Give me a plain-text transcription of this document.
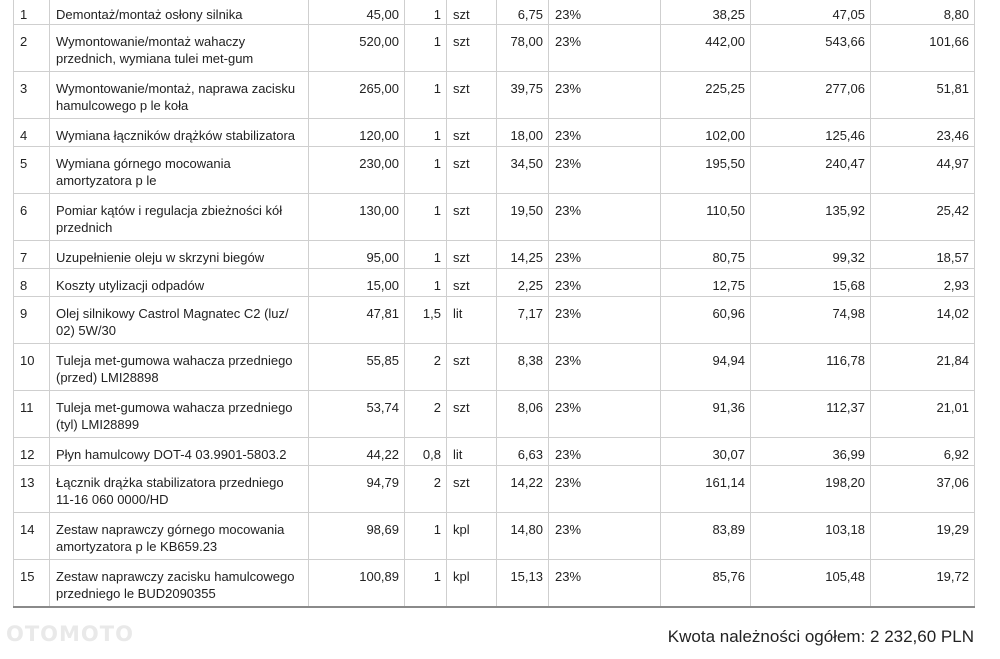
1	Demontaż/montaż osłony silnika	45,00	1	szt	6,75	23%	38,25	47,05	8,80
2	Wymontowanie/montaż wahaczy przednich, wymiana tulei met-gum	520,00	1	szt	78,00	23%	442,00	543,66	101,66
3	Wymontowanie/montaż, naprawa zacisku hamulcowego p le koła	265,00	1	szt	39,75	23%	225,25	277,06	51,81
4	Wymiana łączników drążków stabilizatora	120,00	1	szt	18,00	23%	102,00	125,46	23,46
5	Wymiana górnego mocowania amortyzatora p le	230,00	1	szt	34,50	23%	195,50	240,47	44,97
6	Pomiar kątów i regulacja zbieżności kół przednich	130,00	1	szt	19,50	23%	110,50	135,92	25,42
7	Uzupełnienie oleju w skrzyni biegów	95,00	1	szt	14,25	23%	80,75	99,32	18,57
8	Koszty utylizacji odpadów	15,00	1	szt	2,25	23%	12,75	15,68	2,93
9	Olej silnikowy Castrol Magnatec C2 (luz/ 02) 5W/30	47,81	1,5	lit	7,17	23%	60,96	74,98	14,02
10	Tuleja met-gumowa wahacza przedniego (przed) LMI28898	55,85	2	szt	8,38	23%	94,94	116,78	21,84
11	Tuleja met-gumowa wahacza przedniego (tyl) LMI28899	53,74	2	szt	8,06	23%	91,36	112,37	21,01
12	Płyn hamulcowy DOT-4 03.9901-5803.2	44,22	0,8	lit	6,63	23%	30,07	36,99	6,92
13	Łącznik drążka stabilizatora przedniego 11-16 060 0000/HD	94,79	2	szt	14,22	23%	161,14	198,20	37,06
14	Zestaw naprawczy górnego mocowania amortyzatora p le KB659.23	98,69	1	kpl	14,80	23%	83,89	103,18	19,29
15	Zestaw naprawczy zacisku hamulcowego przedniego le BUD2090355	100,89	1	kpl	15,13	23%	85,76	105,48	19,72
OTOMOTO	Kwota należności ogółem: 2 232,60 PLN
